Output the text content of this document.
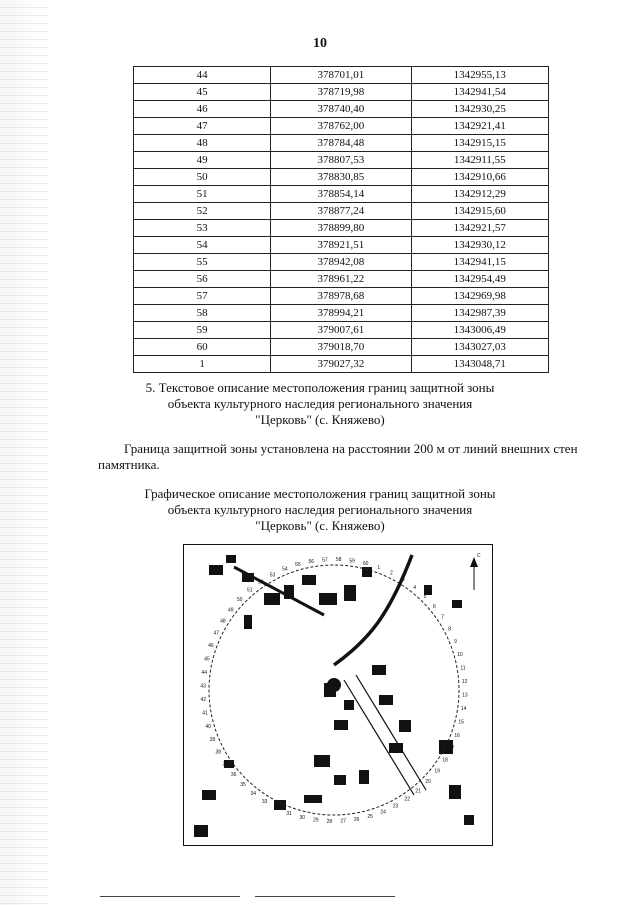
10
44	378701,01	1342955,13
45	378719,98	1342941,54
46	378740,40	1342930,25
47	378762,00	1342921,41
48	378784,48	1342915,15
49	378807,53	1342911,55
50	378830,85	1342910,66
51	378854,14	1342912,29
52	378877,24	1342915,60
53	378899,80	1342921,57
54	378921,51	1342930,12
55	378942,08	1342941,15
56	378961,22	1342954,49
57	378978,68	1342969,98
58	378994,21	1342987,39
59	379007,61	1343006,49
60	379018,70	1343027,03
1	379027,32	1343048,71
5. Текстовое описание местоположения границ защитной зоны
объекта культурного наследия регионального значения
"Церковь" (с. Княжево)
Граница защитной зоны установлена на расстоянии 200 м от линий внешних стен
памятника.
Графическое описание местоположения границ защитной зоны
объекта культурного наследия регионального значения
"Церковь" (с. Княжево)
1
2
3
4
5
6
7
8
9
10
11
12
13
14
15
16
17
18
19
20
21
22
23
24
25
26
27
28
29
30
31
32
33
34
35
36
37
38
39
40
41
42
43
44
45
46
47
48
49
50
51
52
53
54
55
56 57 58 59 60
С
